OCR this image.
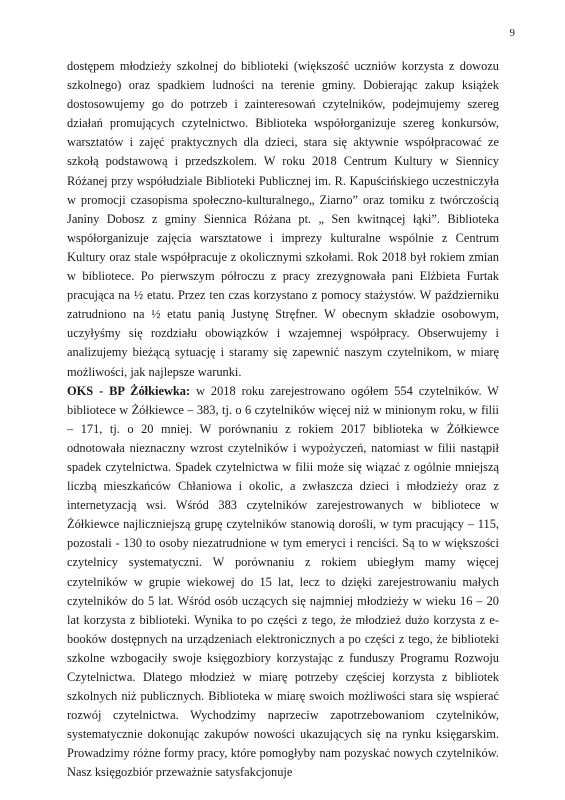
9

dostępem młodzieży szkolnej do biblioteki (większość uczniów korzysta z dowozu szkolnego) oraz spadkiem ludności na terenie gminy. Dobierając zakup książek dostosowujemy go do potrzeb i zainteresowań czytelników, podejmujemy szereg działań promujących czytelnictwo. Biblioteka współorganizuje szereg konkursów, warsztatów i zajęć praktycznych dla dzieci, stara się aktywnie współpracować ze szkołą podstawową i przedszkolem. W roku 2018 Centrum Kultury w Siennicy Różanej przy współudziale Biblioteki Publicznej im. R. Kapuścińskiego uczestniczyła w promocji czasopisma społeczno-kulturalnego„ Ziarno” oraz tomiku z twórczością Janiny Dobosz z gminy Siennica Różana pt. „ Sen kwitnącej łąki”. Biblioteka współorganizuje zajęcia warsztatowe i imprezy kulturalne wspólnie z Centrum Kultury oraz stale współpracuje z okolicznymi szkołami. Rok 2018 był rokiem zmian w bibliotece. Po pierwszym półroczu z pracy zrezygnowała pani Elżbieta Furtak pracująca na ½ etatu. Przez ten czas korzystano z pomocy stażystów. W październiku zatrudniono na ½ etatu panią Justynę Stręfner. W obecnym składzie osobowym, uczyłyśmy się rozdziału obowiązków i wzajemnej współpracy. Obserwujemy i analizujemy bieżącą sytuację i staramy się zapewnić naszym czytelnikom, w miarę możliwości, jak najlepsze warunki.

OKS - BP Żółkiewka: w 2018 roku zarejestrowano ogółem 554 czytelników. W bibliotece w Żółkiewce – 383, tj. o 6 czytelników więcej niż w minionym roku, w filii – 171, tj. o 20 mniej. W porównaniu z rokiem 2017 biblioteka w Żółkiewce odnotowała nieznaczny wzrost czytelników i wypożyczeń, natomiast w filii nastąpił spadek czytelnictwa. Spadek czytelnictwa w filii może się wiązać z ogólnie mniejszą liczbą mieszkańców Chłaniowa i okolic, a zwłaszcza dzieci i młodzieży oraz z internetyzacją wsi. Wśród 383 czytelników zarejestrowanych w bibliotece w Żółkiewce najliczniejszą grupę czytelników stanowią dorośli, w tym pracujący – 115, pozostali - 130 to osoby niezatrudnione w tym emeryci i renciści. Są to w większości czytelnicy systematyczni. W porównaniu z rokiem ubiegłym mamy więcej czytelników w grupie wiekowej do 15 lat, lecz to dzięki zarejestrowaniu małych czytelników do 5 lat. Wśród osób uczących się najmniej młodzieży w wieku 16 – 20 lat korzysta z biblioteki. Wynika to po części z tego, że młodzież dużo korzysta z e-booków dostępnych na urządzeniach elektronicznych a po części z tego, że biblioteki szkolne wzbogaciły swoje księgozbiory korzystając z funduszy Programu Rozwoju Czytelnictwa. Dlatego młodzież w miarę potrzeby częściej korzysta z bibliotek szkolnych niż publicznych. Biblioteka w miarę swoich możliwości stara się wspierać rozwój czytelnictwa. Wychodzimy naprzeciw zapotrzebowaniom czytelników, systematycznie dokonując zakupów nowości ukazujących się na rynku księgarskim. Prowadzimy różne formy pracy, które pomogłyby nam pozyskać nowych czytelników. Nasz księgozbiór przeważnie satysfakcjonuje
